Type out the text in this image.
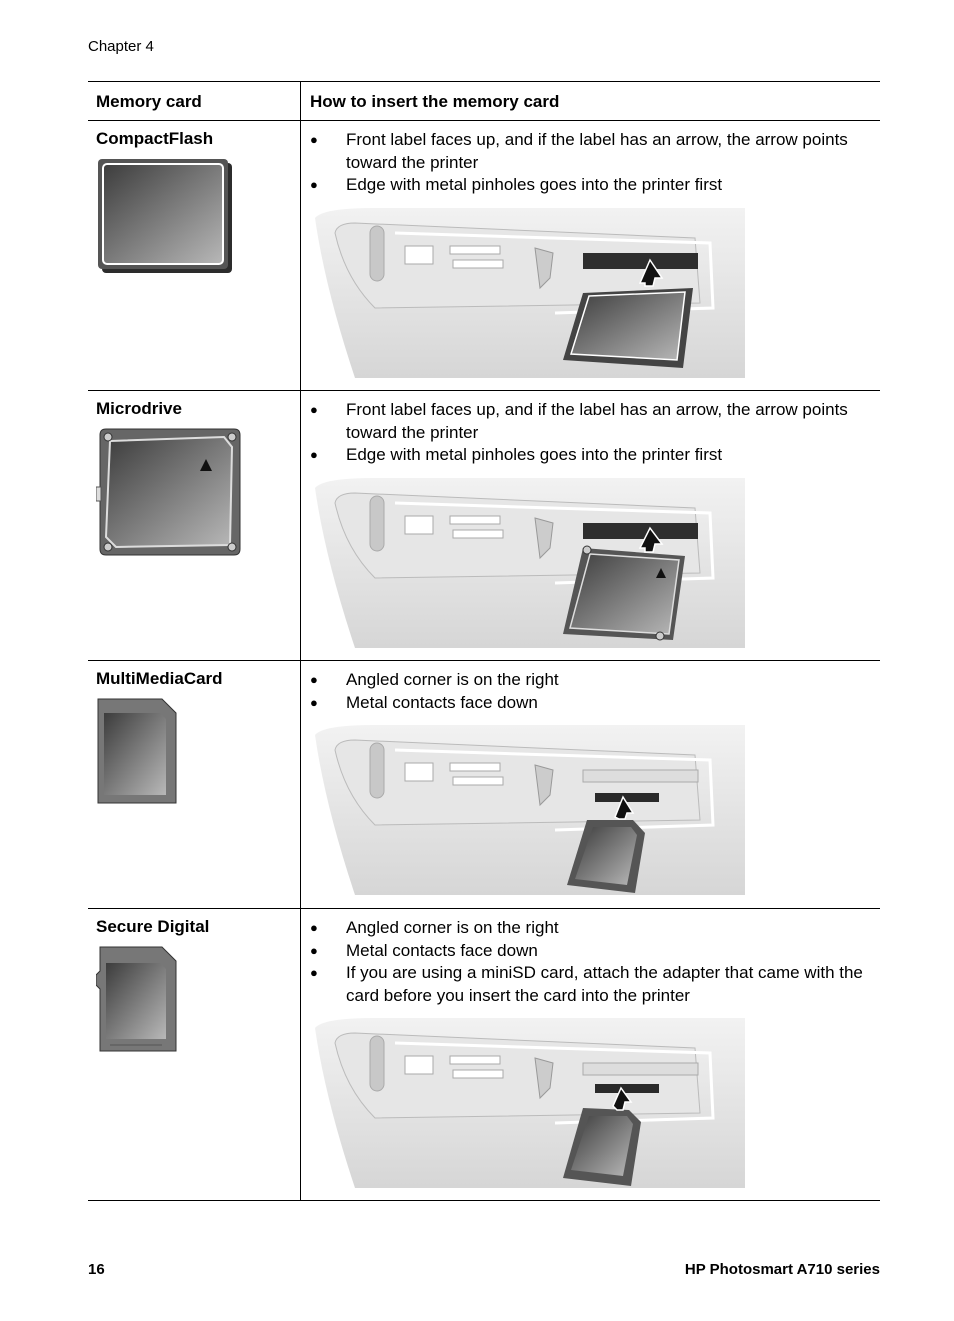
Chapter 4
Memory card	How to insert the memory card
CompactFlash	● Front label faces up, and if the label has an arrow, the arrow points toward the printer
● Edge with metal pinholes goes into the printer first
Microdrive	● Front label faces up, and if the label has an arrow, the arrow points toward the printer
● Edge with metal pinholes goes into the printer first
MultiMediaCard	● Angled corner is on the right
● Metal contacts face down
Secure Digital	● Angled corner is on the right
● Metal contacts face down
● If you are using a miniSD card, attach the adapter that came with the card before you insert the card into the printer
16	HP Photosmart A710 series
